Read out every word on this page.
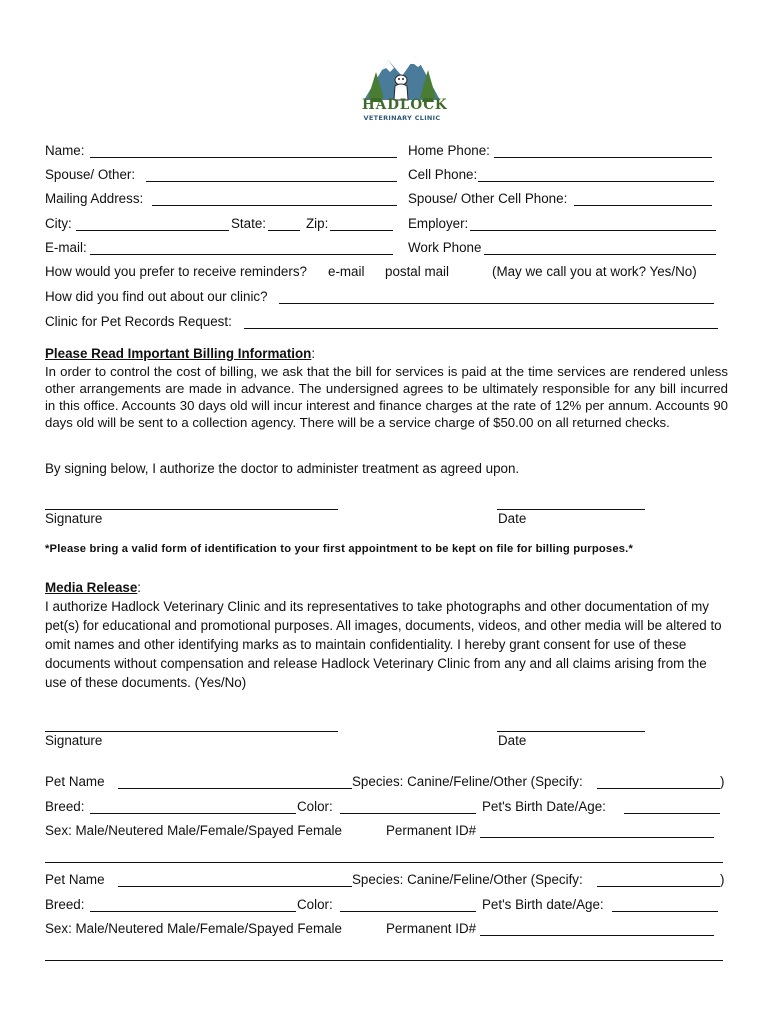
HADLOCK
VETERINARY CLINIC
Name:	Home Phone:
Spouse/ Other:	Cell Phone:
Mailing Address:	Spouse/ Other Cell Phone:
City:	State:	Zip:	Employer:
E-mail:	Work Phone
How would you prefer to receive reminders? e-mail postal mail	(May we call you at work? Yes/No)
How did you find out about our clinic?
Clinic for Pet Records Request:
Please Read Important Billing Information:
In order to control the cost of billing, we ask that the bill for services is paid at the time services are rendered unless other arrangements are made in advance. The undersigned agrees to be ultimately responsible for any bill incurred in this office. Accounts 30 days old will incur interest and finance charges at the rate of 12% per annum. Accounts 90 days old will be sent to a collection agency. There will be a service charge of $50.00 on all returned checks.
By signing below, I authorize the doctor to administer treatment as agreed upon.
Signature	Date
*Please bring a valid form of identification to your first appointment to be kept on file for billing purposes.*
Media Release:
I authorize Hadlock Veterinary Clinic and its representatives to take photographs and other documentation of my pet(s) for educational and promotional purposes. All images, documents, videos, and other media will be altered to omit names and other identifying marks as to maintain confidentiality. I hereby grant consent for use of these documents without compensation and release Hadlock Veterinary Clinic from any and all claims arising from the use of these documents. (Yes/No)
Signature	Date
Pet Name	Species: Canine/Feline/Other (Specify:	)
Breed:	Color:	Pet's Birth Date/Age:
Sex: Male/Neutered Male/Female/Spayed Female	Permanent ID#
Pet Name	Species: Canine/Feline/Other (Specify:	)
Breed:	Color:	Pet's Birth date/Age:
Sex: Male/Neutered Male/Female/Spayed Female	Permanent ID#
